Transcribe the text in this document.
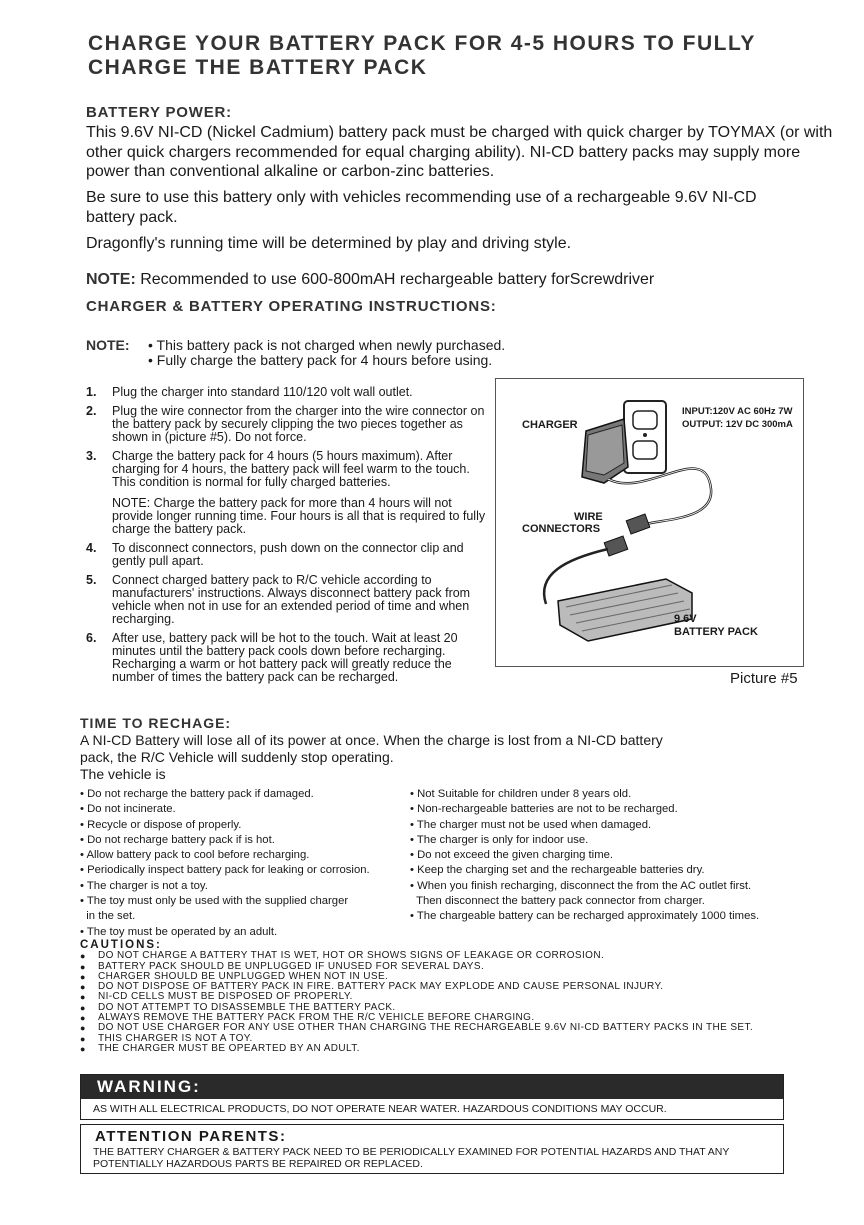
CHARGE YOUR BATTERY PACK FOR 4-5 HOURS TO FULLY CHARGE THE BATTERY PACK
BATTERY POWER:
This 9.6V NI-CD (Nickel Cadmium) battery pack must be charged with quick charger by TOYMAX (or with other quick chargers recommended for equal charging ability). NI-CD battery packs may supply more power than conventional alkaline or carbon-zinc batteries.
Be sure to use this battery only with vehicles recommending use of a rechargeable 9.6V NI-CD battery pack.
Dragonfly's running time will be determined by play and driving style.
NOTE: Recommended to use 600-800mAH rechargeable battery forScrewdriver
CHARGER & BATTERY OPERATING INSTRUCTIONS:
NOTE: • This battery pack is not charged when newly purchased.
• Fully charge the battery pack for 4 hours before using.
1. Plug the charger into standard 110/120 volt wall outlet.
2. Plug the wire connector from the charger into the wire connector on the battery pack by securely clipping the two pieces together as shown in (picture #5). Do not force.
3. Charge the battery pack for 4 hours (5 hours maximum). After charging for 4 hours, the battery pack will feel warm to the touch. This condition is normal for fully charged batteries.
NOTE: Charge the battery pack for more than 4 hours will not provide longer running time. Four hours is all that is required to fully charge the battery pack.
4. To disconnect connectors, push down on the connector clip and gently pull apart.
5. Connect charged battery pack to R/C vehicle according to manufacturers' instructions. Always disconnect battery pack from vehicle when not in use for an extended period of time and when recharging.
6. After use, battery pack will be hot to the touch. Wait at least 20 minutes until the battery pack cools down before recharging. Recharging a warm or hot battery pack will greatly reduce the number of times the battery pack can be recharged.
CHARGER
INPUT:120V AC 60Hz 7W
OUTPUT: 12V DC 300mA
WIRE
CONNECTORS
9.6V
BATTERY PACK
Picture #5
TIME TO RECHAGE:
A NI-CD Battery will lose all of its power at once. When the charge is lost from a NI-CD battery pack, the R/C Vehicle will suddenly stop operating.
The vehicle is
• Do not recharge the battery pack if damaged.
• Do not incinerate.
• Recycle or dispose of properly.
• Do not recharge battery pack if is hot.
• Allow battery pack to cool before recharging.
• Periodically inspect battery pack for leaking or corrosion.
• The charger is not a toy.
• The toy must only be used with the supplied charger
in the set.
• The toy must be operated by an adult.
• Not Suitable for children under 8 years old.
• Non-rechargeable batteries are not to be recharged.
• The charger must not be used when damaged.
• The charger is only for indoor use.
• Do not exceed the given charging time.
• Keep the charging set and the rechargeable batteries dry.
• When you finish recharging, disconnect the from the AC outlet first.
Then disconnect the battery pack connector from charger.
• The chargeable battery can be recharged approximately 1000 times.
CAUTIONS:
● DO NOT CHARGE A BATTERY THAT IS WET, HOT OR SHOWS SIGNS OF LEAKAGE OR CORROSION.
● BATTERY PACK SHOULD BE UNPLUGGED IF UNUSED FOR SEVERAL DAYS.
● CHARGER SHOULD BE UNPLUGGED WHEN NOT IN USE.
● DO NOT DISPOSE OF BATTERY PACK IN FIRE. BATTERY PACK MAY EXPLODE AND CAUSE PERSONAL INJURY.
● NI-CD CELLS MUST BE DISPOSED OF PROPERLY.
● DO NOT ATTEMPT TO DISASSEMBLE THE BATTERY PACK.
● ALWAYS REMOVE THE BATTERY PACK FROM THE R/C VEHICLE BEFORE CHARGING.
● DO NOT USE CHARGER FOR ANY USE OTHER THAN CHARGING THE RECHARGEABLE 9.6V NI-CD BATTERY PACKS IN THE SET.
● THIS CHARGER IS NOT A TOY.
● THE CHARGER MUST BE OPEARTED BY AN ADULT.
WARNING:
AS WITH ALL ELECTRICAL PRODUCTS, DO NOT OPERATE NEAR WATER. HAZARDOUS CONDITIONS MAY OCCUR.
ATTENTION PARENTS:
THE BATTERY CHARGER & BATTERY PACK NEED TO BE PERIODICALLY EXAMINED FOR POTENTIAL HAZARDS AND THAT ANY POTENTIALLY HAZARDOUS PARTS BE REPAIRED OR REPLACED.
